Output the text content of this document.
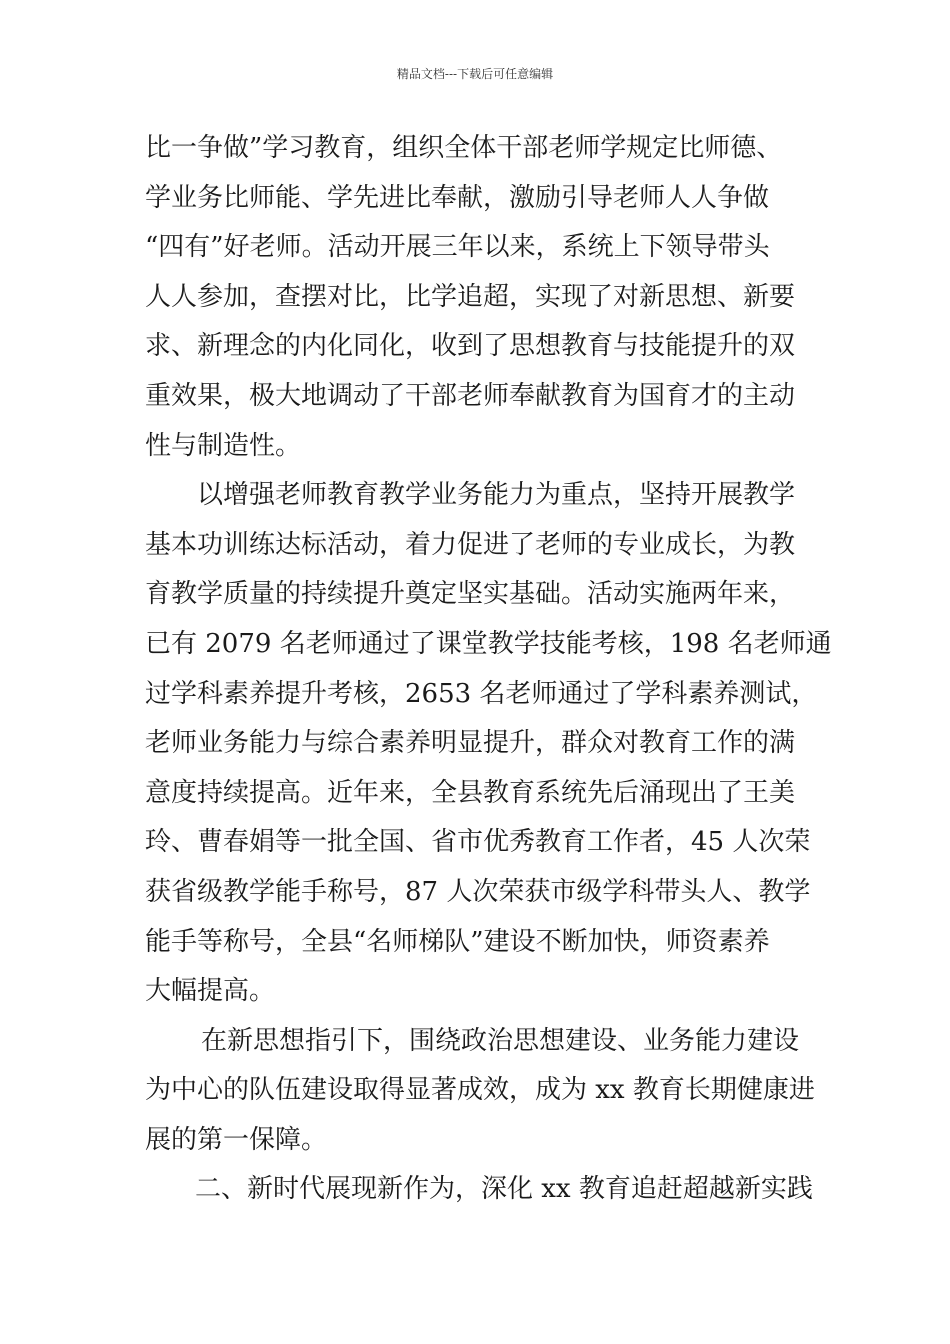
精品文档---下载后可任意编辑
比一争做”学习教育，组织全体干部老师学规定比师德、
学业务比师能、学先进比奉献，激励引导老师人人争做
“四有”好老师。活动开展三年以来，系统上下领导带头
人人参加，查摆对比，比学追超，实现了对新思想、新要
求、新理念的内化同化，收到了思想教育与技能提升的双
重效果，极大地调动了干部老师奉献教育为国育才的主动
性与制造性。
以增强老师教育教学业务能力为重点，坚持开展教学
基本功训练达标活动，着力促进了老师的专业成长，为教
育教学质量的持续提升奠定坚实基础。活动实施两年来，
已有 2079 名老师通过了课堂教学技能考核，198 名老师通
过学科素养提升考核，2653 名老师通过了学科素养测试，
老师业务能力与综合素养明显提升，群众对教育工作的满
意度持续提高。近年来，全县教育系统先后涌现出了王美
玲、曹春娟等一批全国、省市优秀教育工作者，45 人次荣
获省级教学能手称号，87 人次荣获市级学科带头人、教学
能手等称号，全县“名师梯队”建设不断加快，师资素养
大幅提高。
在新思想指引下，围绕政治思想建设、业务能力建设
为中心的队伍建设取得显著成效，成为 xx 教育长期健康进
展的第一保障。
二、新时代展现新作为，深化 xx 教育追赶超越新实践
